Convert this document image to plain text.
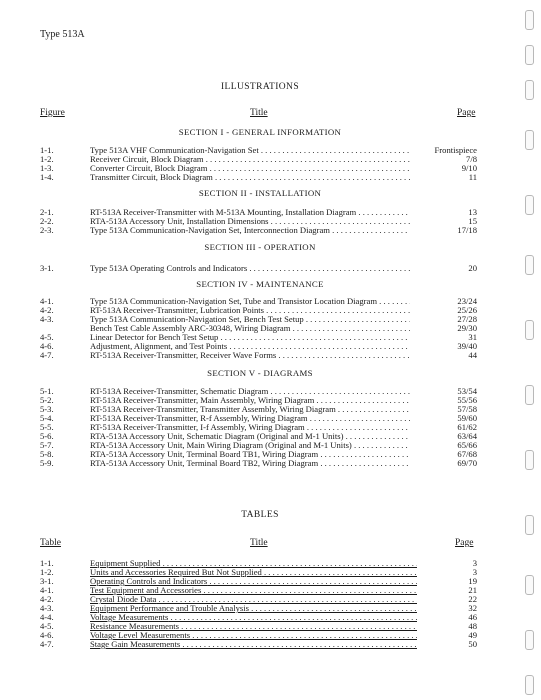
Type 513A
ILLUSTRATIONS
Figure	Title	Page
SECTION I - GENERAL INFORMATION
1-1.	Type 513A VHF Communication-Navigation Set . . .	Frontispiece
1-2.	Receiver Circuit, Block Diagram . . .	7/8
1-3.	Converter Circuit, Block Diagram . . .	9/10
1-4.	Transmitter Circuit, Block Diagram . . .	11
SECTION II - INSTALLATION
2-1.	RT-513A Receiver-Transmitter with M-513A Mounting, Installation Diagram . . .	13
2-2.	RTA-513A Accessory Unit, Installation Dimensions . . .	15
2-3.	Type 513A Communication-Navigation Set, Interconnection Diagram . . .	17/18
SECTION III - OPERATION
3-1.	Type 513A Operating Controls and Indicators . . .	20
SECTION IV - MAINTENANCE
4-1.	Type 513A Communication-Navigation Set, Tube and Transistor Location Diagram . . .	23/24
4-2.	RT-513A Receiver-Transmitter, Lubrication Points . . .	25/26
4-3.	Type 513A Communication-Navigation Set, Bench Test Setup . . .	27/28
Bench Test Cable Assembly ARC-30348, Wiring Diagram . . .	29/30
4-5.	Linear Detector for Bench Test Setup . . .	31
4-6.	Adjustment, Alignment, and Test Points . . .	39/40
4-7.	RT-513A Receiver-Transmitter, Receiver Wave Forms . . .	44
SECTION V - DIAGRAMS
5-1.	RT-513A Receiver-Transmitter, Schematic Diagram . . .	53/54
5-2.	RT-513A Receiver-Transmitter, Main Assembly, Wiring Diagram . . .	55/56
5-3.	RT-513A Receiver-Transmitter, Transmitter Assembly, Wiring Diagram . . .	57/58
5-4.	RT-513A Receiver-Transmitter, R-f Assembly, Wiring Diagram . . .	59/60
5-5.	RT-513A Receiver-Transmitter, I-f Assembly, Wiring Diagram . . .	61/62
5-6.	RTA-513A Accessory Unit, Schematic Diagram (Original and M-1 Units) . . .	63/64
5-7.	RTA-513A Accessory Unit, Main Wiring Diagram (Original and M-1 Units) . . .	65/66
5-8.	RTA-513A Accessory Unit, Terminal Board TB1, Wiring Diagram . . .	67/68
5-9.	RTA-513A Accessory Unit, Terminal Board TB2, Wiring Diagram . . .	69/70
TABLES
Table	Title	Page
1-1.	Equipment Supplied . . .	3
1-2.	Units and Accessories Required But Not Supplied . . .	3
3-1.	Operating Controls and Indicators . . .	19
4-1.	Test Equipment and Accessories . . .	21
4-2.	Crystal Diode Data . . .	22
4-3.	Equipment Performance and Trouble Analysis . . .	32
4-4.	Voltage Measurements . . .	46
4-5.	Resistance Measurements . . .	48
4-6.	Voltage Level Measurements . . .	49
4-7.	Stage Gain Measurements . . .	50
